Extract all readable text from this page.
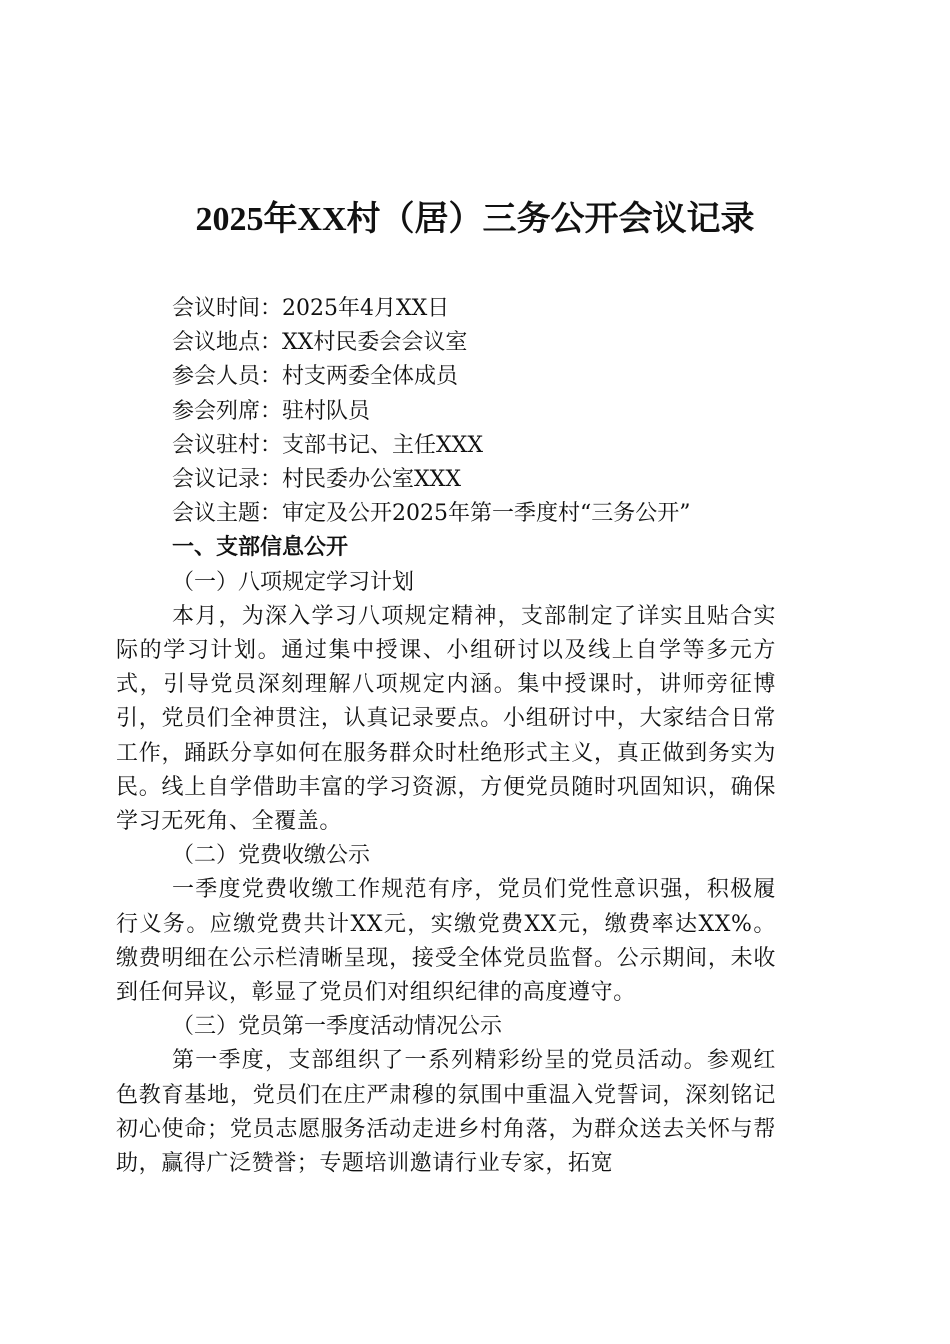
2025年XX村（居）三务公开会议记录

会议时间：2025年4月XX日

会议地点：XX村民委会会议室

参会人员：村支两委全体成员

参会列席：驻村队员

会议驻村：支部书记、主任XXX

会议记录：村民委办公室XXX

会议主题：审定及公开2025年第一季度村“三务公开”

一、支部信息公开

（一）八项规定学习计划

本月，为深入学习八项规定精神，支部制定了详实且贴合实际的学习计划。通过集中授课、小组研讨以及线上自学等多元方式，引导党员深刻理解八项规定内涵。集中授课时，讲师旁征博引，党员们全神贯注，认真记录要点。小组研讨中，大家结合日常工作，踊跃分享如何在服务群众时杜绝形式主义，真正做到务实为民。线上自学借助丰富的学习资源，方便党员随时巩固知识，确保学习无死角、全覆盖。

（二）党费收缴公示

一季度党费收缴工作规范有序，党员们党性意识强，积极履行义务。应缴党费共计XX元，实缴党费XX元，缴费率达XX%。缴费明细在公示栏清晰呈现，接受全体党员监督。公示期间，未收到任何异议，彰显了党员们对组织纪律的高度遵守。

（三）党员第一季度活动情况公示

第一季度，支部组织了一系列精彩纷呈的党员活动。参观红色教育基地，党员们在庄严肃穆的氛围中重温入党誓词，深刻铭记初心使命；党员志愿服务活动走进乡村角落，为群众送去关怀与帮助，赢得广泛赞誉；专题培训邀请行业专家，拓宽
